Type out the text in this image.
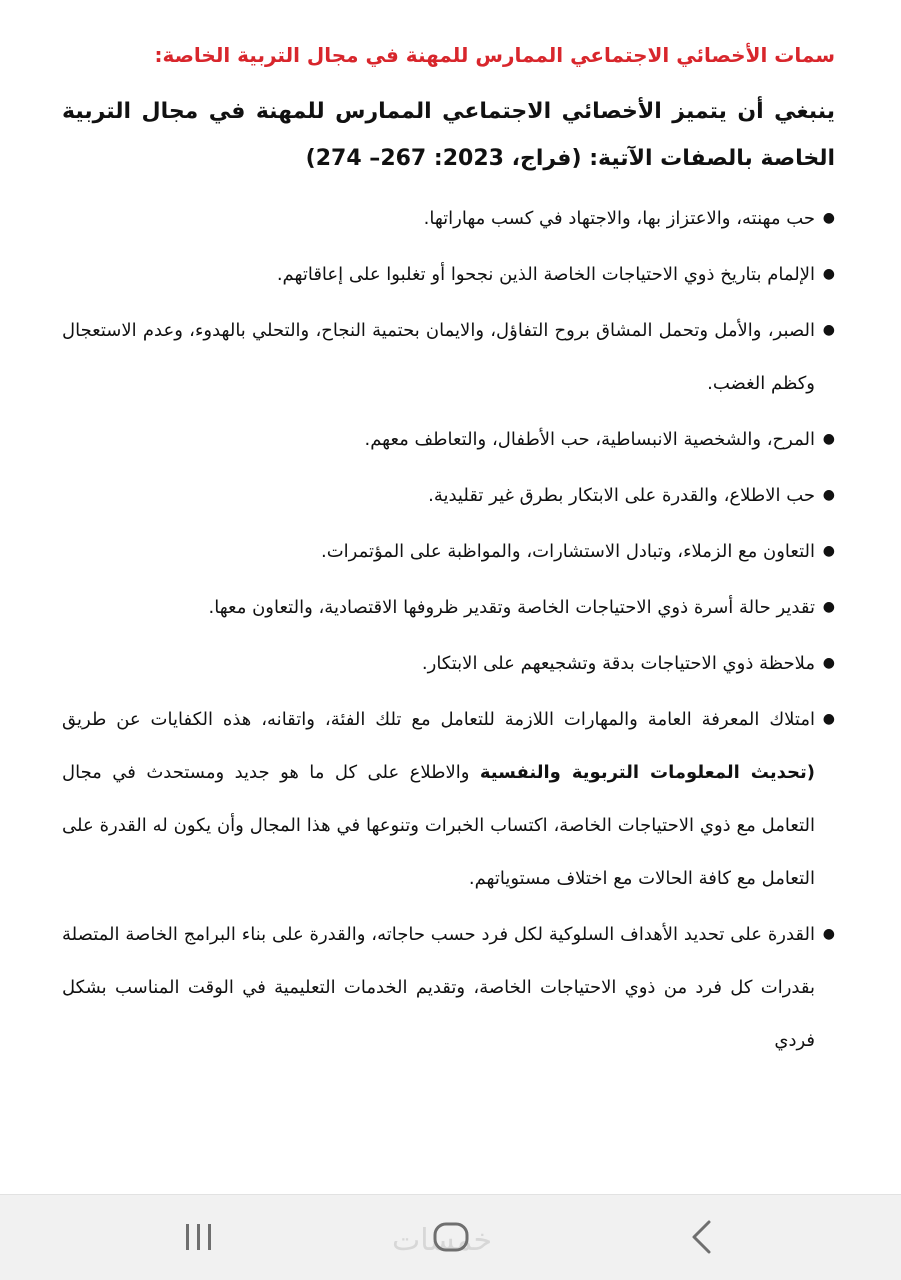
سمات الأخصائي الاجتماعي الممارس للمهنة في مجال التربية الخاصة:

ينبغي أن يتميز الأخصائي الاجتماعي الممارس للمهنة في مجال التربية الخاصة بالصفات الآتية: (فراج، 2023: 267– 274)

●
حب مهنته، والاعتزاز بها، والاجتهاد في كسب مهاراتها.
●
الإلمام بتاريخ ذوي الاحتياجات الخاصة الذين نجحوا أو تغلبوا على إعاقاتهم.
●
الصبر، والأمل وتحمل المشاق بروح التفاؤل، والايمان بحتمية النجاح، والتحلي بالهدوء، وعدم الاستعجال وكظم الغضب.
●
المرح، والشخصية الانبساطية، حب الأطفال، والتعاطف معهم.
●
حب الاطلاع، والقدرة على الابتكار بطرق غير تقليدية.
●
التعاون مع الزملاء، وتبادل الاستشارات، والمواظبة على المؤتمرات.
●
تقدير حالة أسرة ذوي الاحتياجات الخاصة وتقدير ظروفها الاقتصادية، والتعاون معها.
●
ملاحظة ذوي الاحتياجات بدقة وتشجيعهم على الابتكار.
●
امتلاك المعرفة العامة والمهارات اللازمة للتعامل مع تلك الفئة، واتقانه، هذه الكفايات عن طريق (تحديث المعلومات التربوية والنفسية والاطلاع على كل ما هو جديد ومستحدث في مجال التعامل مع ذوي الاحتياجات الخاصة، اكتساب الخبرات وتنوعها في هذا المجال وأن يكون له القدرة على التعامل مع كافة الحالات مع اختلاف مستوياتهم.
●
القدرة على تحديد الأهداف السلوكية لكل فرد حسب حاجاته، والقدرة على بناء البرامج الخاصة المتصلة بقدرات كل فرد من ذوي الاحتياجات الخاصة، وتقديم الخدمات التعليمية في الوقت المناسب بشكل فردي
خمسات
